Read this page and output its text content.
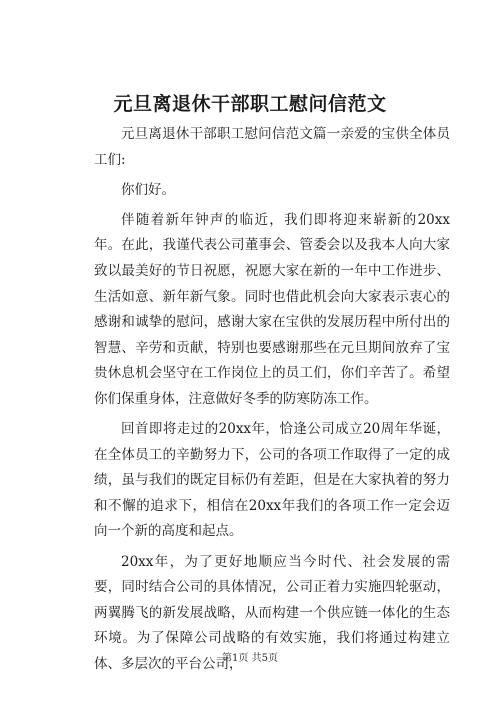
元旦离退休干部职工慰问信范文

元旦离退休干部职工慰问信范文篇一亲爱的宝供全体员工们:

你们好。

伴随着新年钟声的临近，我们即将迎来崭新的20xx年。在此，我谨代表公司董事会、管委会以及我本人向大家致以最美好的节日祝愿，祝愿大家在新的一年中工作进步、生活如意、新年新气象。同时也借此机会向大家表示衷心的感谢和诚挚的慰问，感谢大家在宝供的发展历程中所付出的智慧、辛劳和贡献，特别也要感谢那些在元旦期间放弃了宝贵休息机会坚守在工作岗位上的员工们，你们辛苦了。希望你们保重身体，注意做好冬季的防寒防冻工作。

回首即将走过的20xx年，恰逢公司成立20周年华诞，在全体员工的辛勤努力下，公司的各项工作取得了一定的成绩，虽与我们的既定目标仍有差距，但是在大家执着的努力和不懈的追求下，相信在20xx年我们的各项工作一定会迈向一个新的高度和起点。

20xx年，为了更好地顺应当今时代、社会发展的需要，同时结合公司的具体情况，公司正着力实施四轮驱动，两翼腾飞的新发展战略，从而构建一个供应链一体化的生态环境。为了保障公司战略的有效实施，我们将通过构建立体、多层次的平台公司，

第1页 共5页
